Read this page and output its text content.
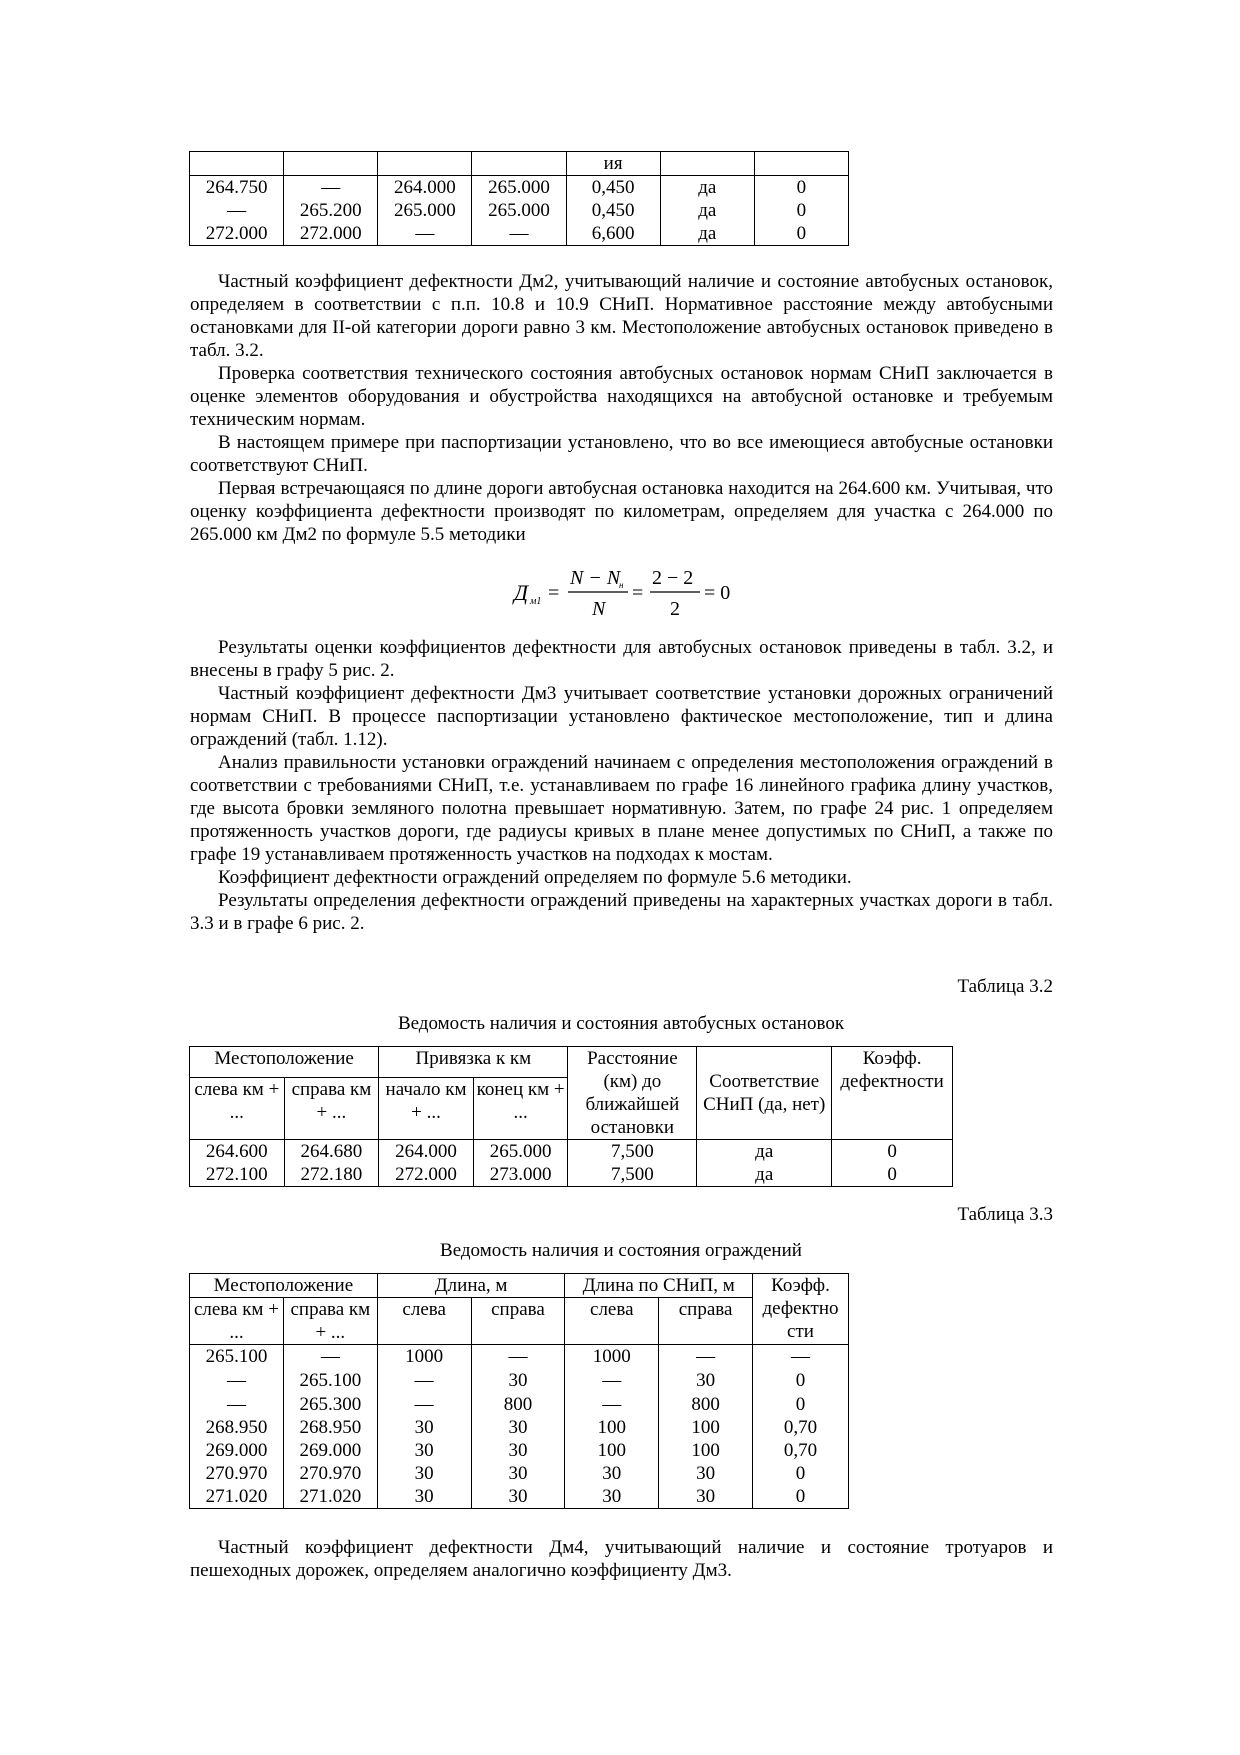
				ия		
264.750	—	264.000	265.000	0,450	да	0
—	265.200	265.000	265.000	0,450	да	0
272.000	272.000	—	—	6,600	да	0

Частный коэффициент дефектности Дм2, учитывающий наличие и состояние автобусных остановок, определяем в соответствии с п.п. 10.8 и 10.9 СНиП. Нормативное расстояние между автобусными остановками для II-ой категории дороги равно 3 км. Местоположение автобусных остановок приведено в табл. 3.2.

Проверка соответствия технического состояния автобусных остановок нормам СНиП заключается в оценке элементов оборудования и обустройства находящихся на автобусной остановке и требуемым техническим нормам.

В настоящем примере при паспортизации установлено, что во все имеющиеся автобусные остановки соответствуют СНиП.

Первая встречающаяся по длине дороги автобусная остановка находится на 264.600 км. Учитывая, что оценку коэффициента дефектности производят по километрам, определяем для участка с 264.000 по 265.000 км Дм2 по формуле 5.5 методики

Д м1 =
N − N
н
N
=
2 − 2
2
= 0

Результаты оценки коэффициентов дефектности для автобусных остановок приведены в табл. 3.2, и внесены в графу 5 рис. 2.

Частный коэффициент дефектности Дм3 учитывает соответствие установки дорожных ограничений нормам СНиП. В процессе паспортизации установлено фактическое местоположение, тип и длина ограждений (табл. 1.12).

Анализ правильности установки ограждений начинаем с определения местоположения ограждений в соответствии с требованиями СНиП, т.е. устанавливаем по графе 16 линейного графика длину участков, где высота бровки земляного полотна превышает нормативную. Затем, по графе 24 рис. 1 определяем протяженность участков дороги, где радиусы кривых в плане менее допустимых по СНиП, а также по графе 19 устанавливаем протяженность участков на подходах к мостам.

Коэффициент дефектности ограждений определяем по формуле 5.6 методики.

Результаты определения дефектности ограждений приведены на характерных участках дороги в табл. 3.3 и в графе 6 рис. 2.

Таблица 3.2
Ведомость наличия и состояния автобусных остановок
Местоположение		Привязка к км		Расстояние (км) до ближайшей остановки	Соответствие СНиП (да, нет)	Коэфф. дефектности
слева км + ...	справа км + ...	начало км + ...	конец км + ...			
264.600	264.680	264.000	265.000	7,500	да	0
272.100	272.180	272.000	273.000	7,500	да	0
Таблица 3.3
Ведомость наличия и состояния ограждений
Местоположение		Длина, м		Длина по СНиП, м		Коэфф. дефектно сти
слева км + ...	справа км + ...	слева	справа	слева	справа	
265.100	—	1000	—	1000	—	—
—	265.100	—	30	—	30	0
—	265.300	—	800	—	800	0
268.950	268.950	30	30	100	100	0,70
269.000	269.000	30	30	100	100	0,70
270.970	270.970	30	30	30	30	0
271.020	271.020	30	30	30	30	0

Частный коэффициент дефектности Дм4, учитывающий наличие и состояние тротуаров и пешеходных дорожек, определяем аналогично коэффициенту Дм3.
